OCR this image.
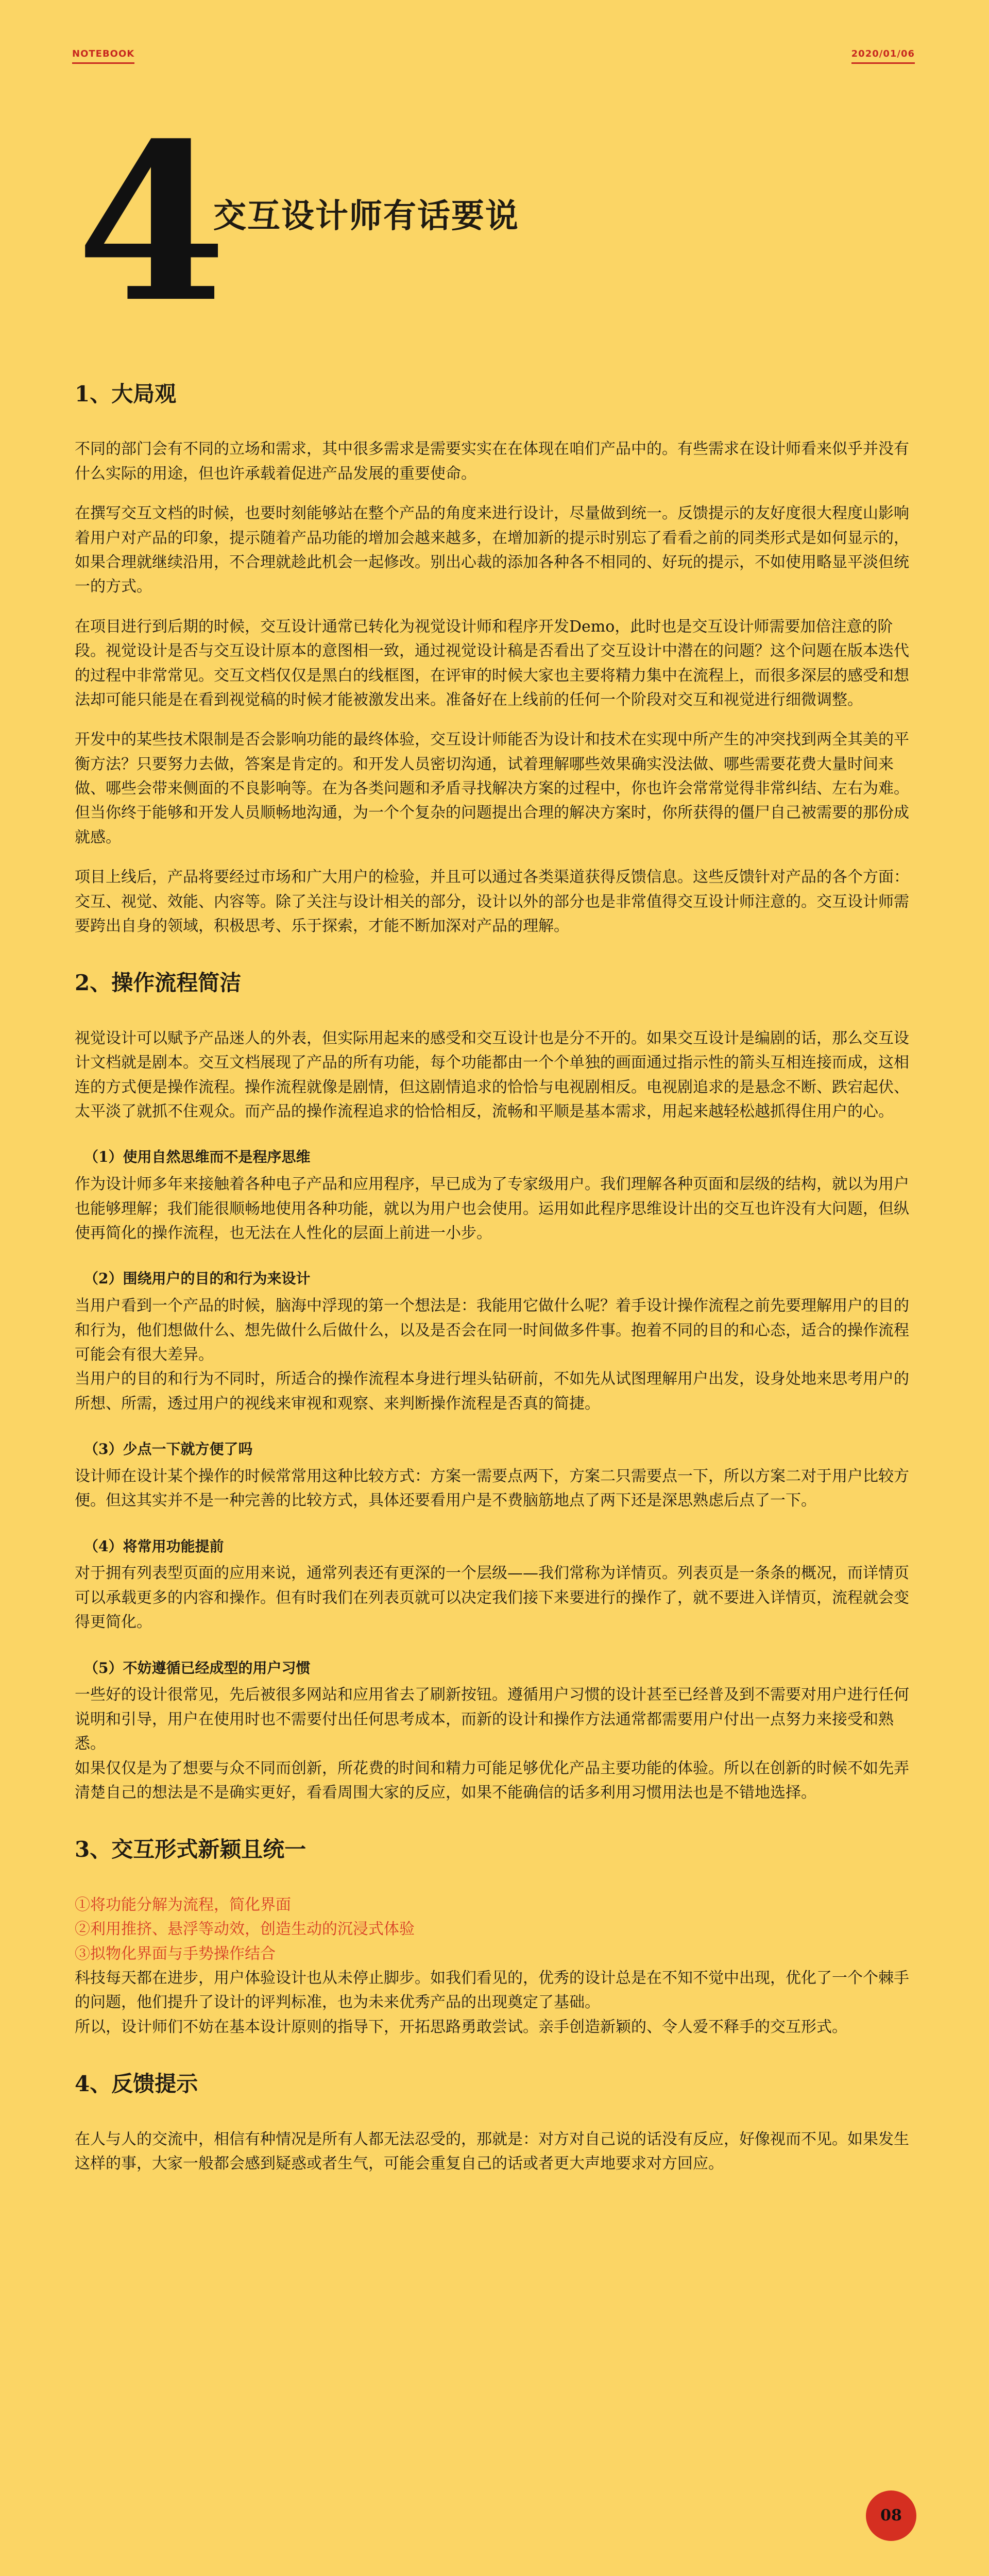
NOTEBOOK	2020/01/06
4
交互设计师有话要说
1、大局观

不同的部门会有不同的立场和需求，其中很多需求是需要实实在在体现在咱们产品中的。有些需求在设计师看来似乎并没有什么实际的用途，但也许承载着促进产品发展的重要使命。

在撰写交互文档的时候，也要时刻能够站在整个产品的角度来进行设计，尽量做到统一。反馈提示的友好度很大程度山影响着用户对产品的印象，提示随着产品功能的增加会越来越多，在增加新的提示时别忘了看看之前的同类形式是如何显示的，如果合理就继续沿用，不合理就趁此机会一起修改。别出心裁的添加各种各不相同的、好玩的提示，不如使用略显平淡但统一的方式。

在项目进行到后期的时候，交互设计通常已转化为视觉设计师和程序开发Demo，此时也是交互设计师需要加倍注意的阶段。视觉设计是否与交互设计原本的意图相一致，通过视觉设计稿是否看出了交互设计中潜在的问题？这个问题在版本迭代的过程中非常常见。交互文档仅仅是黑白的线框图，在评审的时候大家也主要将精力集中在流程上，而很多深层的感受和想法却可能只能是在看到视觉稿的时候才能被激发出来。准备好在上线前的任何一个阶段对交互和视觉进行细微调整。

开发中的某些技术限制是否会影响功能的最终体验，交互设计师能否为设计和技术在实现中所产生的冲突找到两全其美的平衡方法？只要努力去做，答案是肯定的。和开发人员密切沟通，试着理解哪些效果确实没法做、哪些需要花费大量时间来做、哪些会带来侧面的不良影响等。在为各类问题和矛盾寻找解决方案的过程中，你也许会常常觉得非常纠结、左右为难。但当你终于能够和开发人员顺畅地沟通，为一个个复杂的问题提出合理的解决方案时，你所获得的僵尸自己被需要的那份成就感。

项目上线后，产品将要经过市场和广大用户的检验，并且可以通过各类渠道获得反馈信息。这些反馈针对产品的各个方面：交互、视觉、效能、内容等。除了关注与设计相关的部分，设计以外的部分也是非常值得交互设计师注意的。交互设计师需要跨出自身的领域，积极思考、乐于探索，才能不断加深对产品的理解。

2、操作流程简洁

视觉设计可以赋予产品迷人的外表，但实际用起来的感受和交互设计也是分不开的。如果交互设计是编剧的话，那么交互设计文档就是剧本。交互文档展现了产品的所有功能，每个功能都由一个个单独的画面通过指示性的箭头互相连接而成，这相连的方式便是操作流程。操作流程就像是剧情，但这剧情追求的恰恰与电视剧相反。电视剧追求的是悬念不断、跌宕起伏、太平淡了就抓不住观众。而产品的操作流程追求的恰恰相反，流畅和平顺是基本需求，用起来越轻松越抓得住用户的心。

（1）使用自然思维而不是程序思维

作为设计师多年来接触着各种电子产品和应用程序，早已成为了专家级用户。我们理解各种页面和层级的结构，就以为用户也能够理解；我们能很顺畅地使用各种功能，就以为用户也会使用。运用如此程序思维设计出的交互也许没有大问题，但纵使再简化的操作流程，也无法在人性化的层面上前进一小步。

（2）围绕用户的目的和行为来设计

当用户看到一个产品的时候，脑海中浮现的第一个想法是：我能用它做什么呢？着手设计操作流程之前先要理解用户的目的和行为，他们想做什么、想先做什么后做什么，以及是否会在同一时间做多件事。抱着不同的目的和心态，适合的操作流程可能会有很大差异。
当用户的目的和行为不同时，所适合的操作流程本身进行埋头钻研前，不如先从试图理解用户出发，设身处地来思考用户的所想、所需，透过用户的视线来审视和观察、来判断操作流程是否真的简捷。

（3）少点一下就方便了吗

设计师在设计某个操作的时候常常用这种比较方式：方案一需要点两下，方案二只需要点一下，所以方案二对于用户比较方便。但这其实并不是一种完善的比较方式，具体还要看用户是不费脑筋地点了两下还是深思熟虑后点了一下。

（4）将常用功能提前

对于拥有列表型页面的应用来说，通常列表还有更深的一个层级——我们常称为详情页。列表页是一条条的概况，而详情页可以承载更多的内容和操作。但有时我们在列表页就可以决定我们接下来要进行的操作了，就不要进入详情页，流程就会变得更简化。

（5）不妨遵循已经成型的用户习惯

一些好的设计很常见，先后被很多网站和应用省去了刷新按钮。遵循用户习惯的设计甚至已经普及到不需要对用户进行任何说明和引导，用户在使用时也不需要付出任何思考成本，而新的设计和操作方法通常都需要用户付出一点努力来接受和熟悉。
如果仅仅是为了想要与众不同而创新，所花费的时间和精力可能足够优化产品主要功能的体验。所以在创新的时候不如先弄清楚自己的想法是不是确实更好，看看周围大家的反应，如果不能确信的话多利用习惯用法也是不错地选择。

3、交互形式新颖且统一
①将功能分解为流程，简化界面
②利用推挤、悬浮等动效，创造生动的沉浸式体验
③拟物化界面与手势操作结合

科技每天都在进步，用户体验设计也从未停止脚步。如我们看见的，优秀的设计总是在不知不觉中出现，优化了一个个棘手的问题，他们提升了设计的评判标准，也为未来优秀产品的出现奠定了基础。
所以，设计师们不妨在基本设计原则的指导下，开拓思路勇敢尝试。亲手创造新颖的、令人爱不释手的交互形式。

4、反馈提示

在人与人的交流中，相信有种情况是所有人都无法忍受的，那就是：对方对自己说的话没有反应，好像视而不见。如果发生这样的事，大家一般都会感到疑惑或者生气，可能会重复自己的话或者更大声地要求对方回应。

08
